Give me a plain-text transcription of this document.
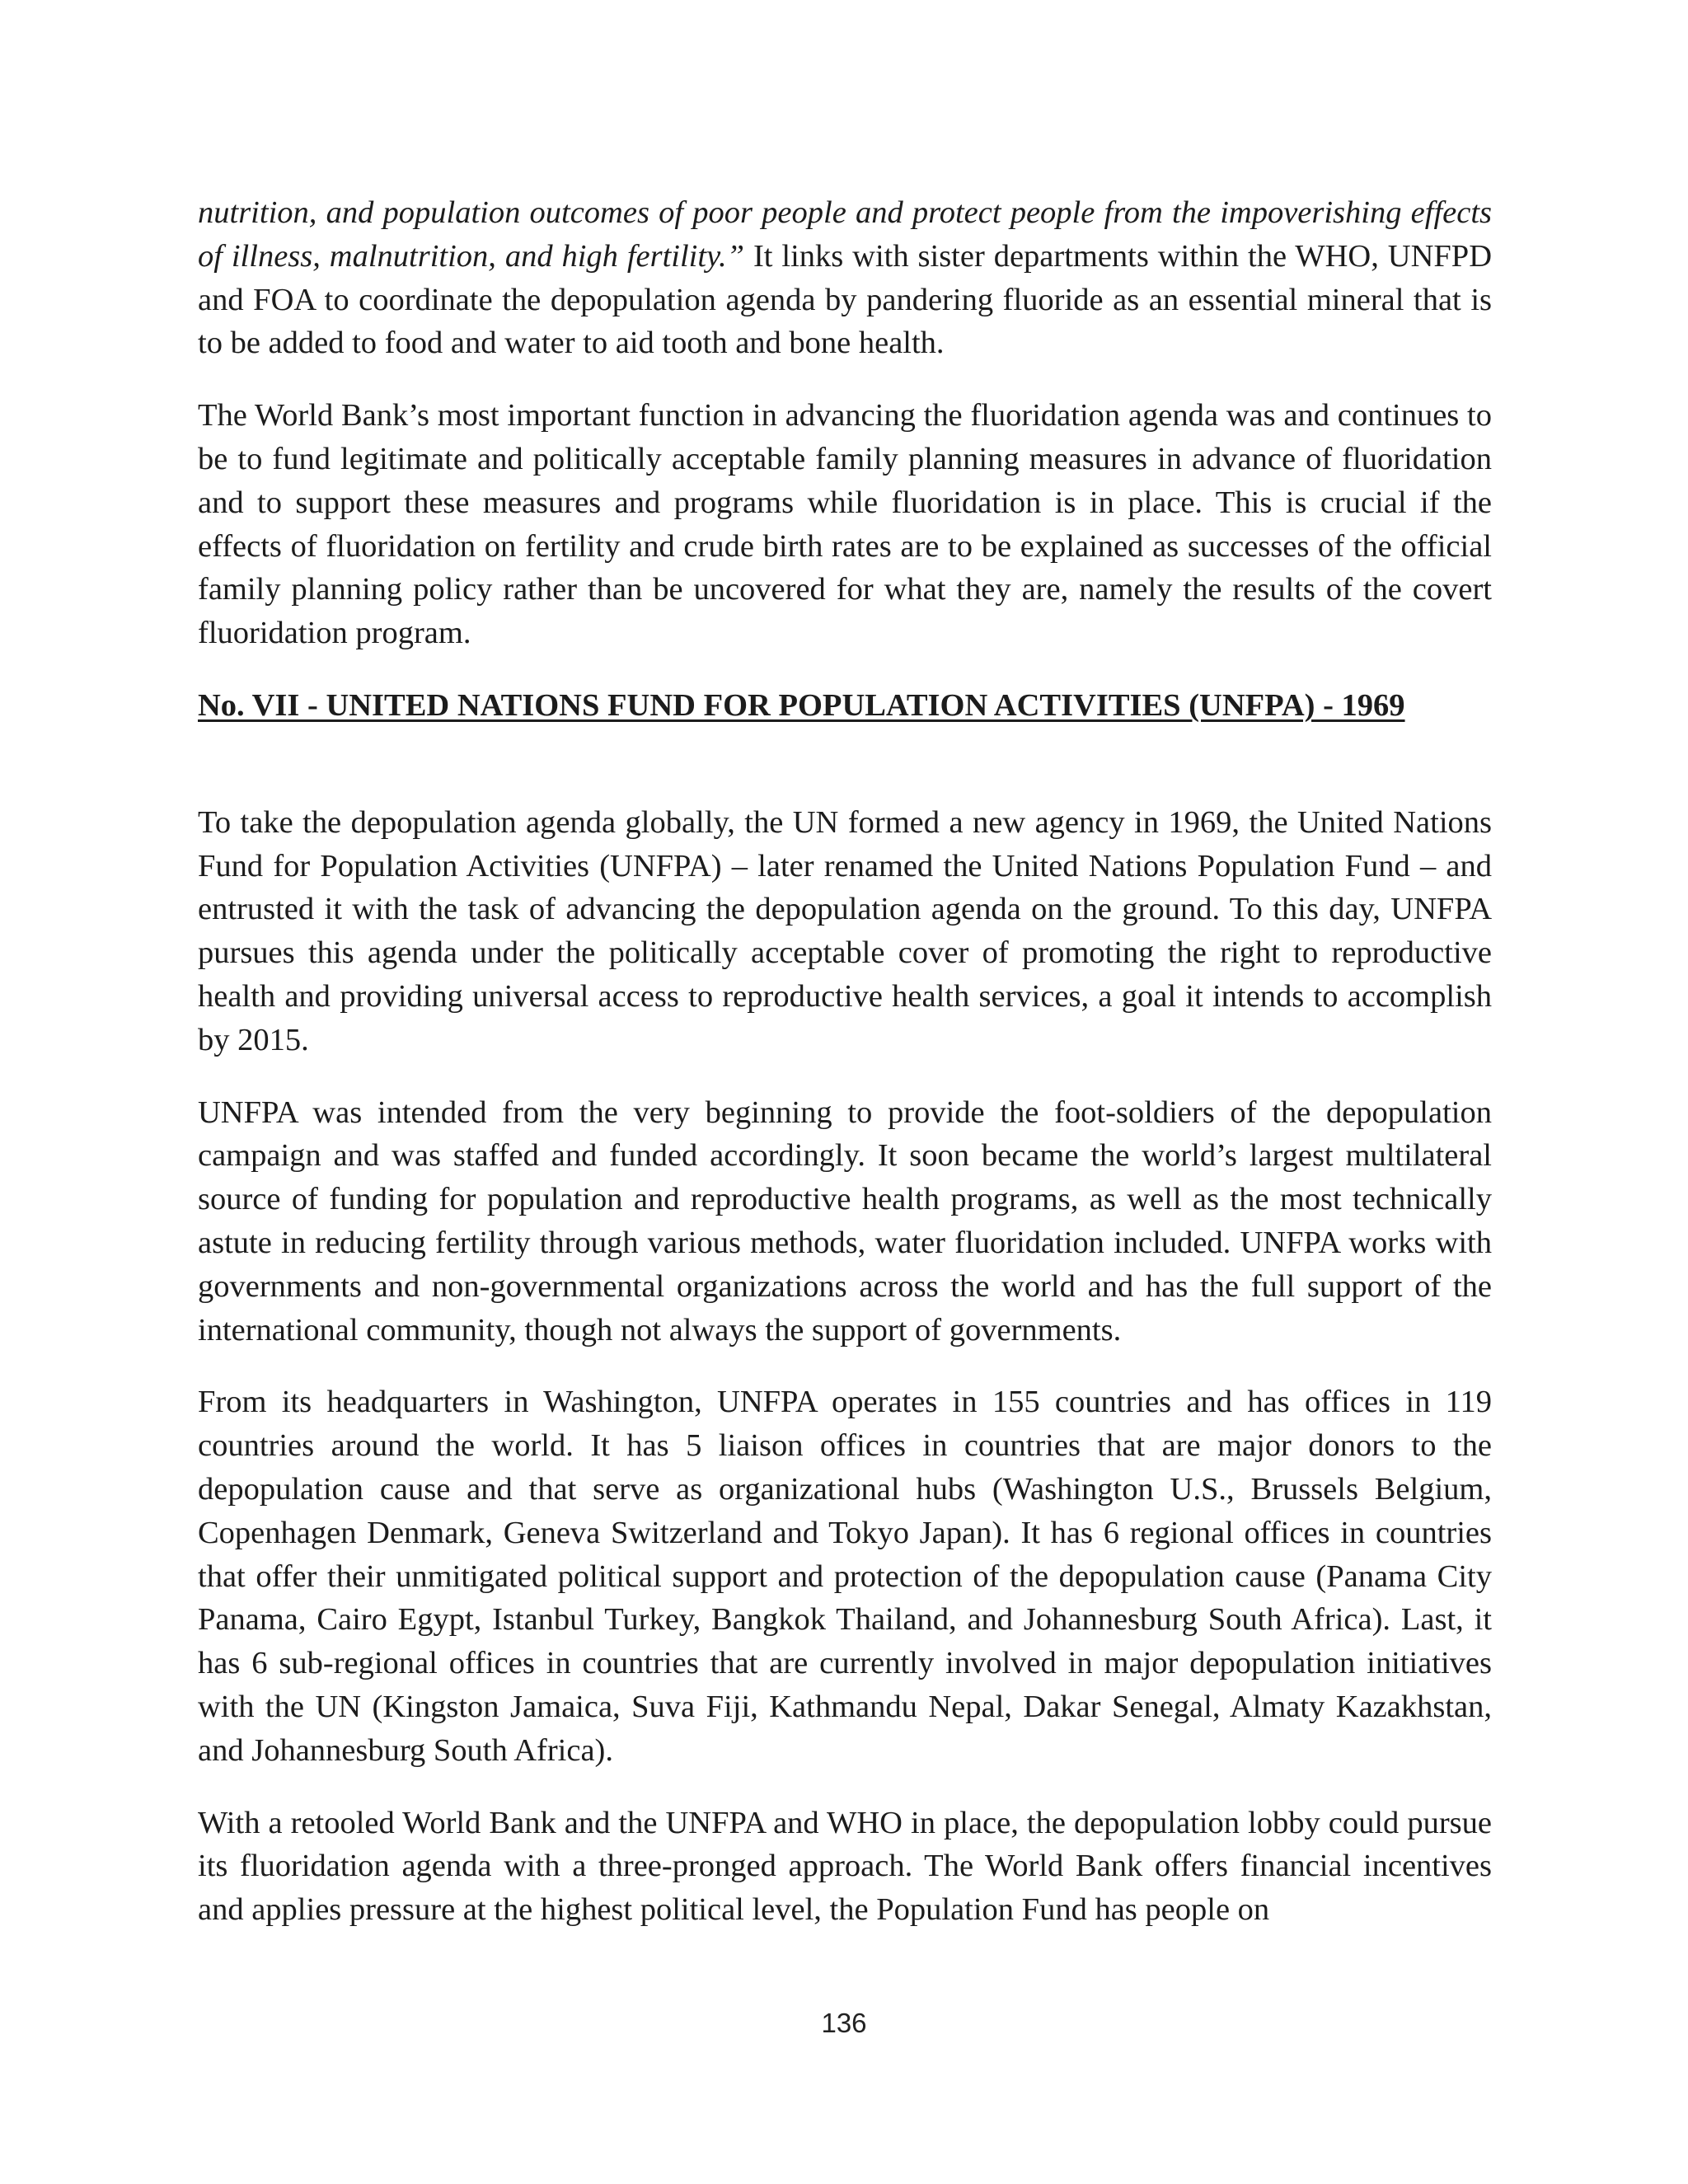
nutrition, and population outcomes of poor people and protect people from the impoverishing effects of illness, malnutrition, and high fertility.” It links with sister departments within the WHO, UNFPD and FOA to coordinate the depopulation agenda by pandering fluoride as an essential mineral that is to be added to food and water to aid tooth and bone health.

The World Bank’s most important function in advancing the fluoridation agenda was and continues to be to fund legitimate and politically acceptable family planning measures in advance of fluoridation and to support these measures and programs while fluoridation is in place. This is crucial if the effects of fluoridation on fertility and crude birth rates are to be explained as successes of the official family planning policy rather than be uncovered for what they are, namely the results of the covert fluoridation program.

No. VII - UNITED NATIONS FUND FOR POPULATION ACTIVITIES (UNFPA) - 1969

To take the depopulation agenda globally, the UN formed a new agency in 1969, the United Nations Fund for Population Activities (UNFPA) – later renamed the United Nations Population Fund – and entrusted it with the task of advancing the depopulation agenda on the ground. To this day, UNFPA pursues this agenda under the politically acceptable cover of promoting the right to reproductive health and providing universal access to reproductive health services, a goal it intends to accomplish by 2015.

UNFPA was intended from the very beginning to provide the foot-soldiers of the depopulation campaign and was staffed and funded accordingly. It soon became the world’s largest multilateral source of funding for population and reproductive health programs, as well as the most technically astute in reducing fertility through various methods, water fluoridation included. UNFPA works with governments and non-governmental organizations across the world and has the full support of the international community, though not always the support of governments.

From its headquarters in Washington, UNFPA operates in 155 countries and has offices in 119 countries around the world. It has 5 liaison offices in countries that are major donors to the depopulation cause and that serve as organizational hubs (Washington U.S., Brussels Belgium, Copenhagen Denmark, Geneva Switzerland and Tokyo Japan). It has 6 regional offices in countries that offer their unmitigated political support and protection of the depopulation cause (Panama City Panama, Cairo Egypt, Istanbul Turkey, Bangkok Thailand, and Johannesburg South Africa). Last, it has 6 sub-regional offices in countries that are currently involved in major depopulation initiatives with the UN (Kingston Jamaica, Suva Fiji, Kathmandu Nepal, Dakar Senegal, Almaty Kazakhstan, and Johannesburg South Africa).

With a retooled World Bank and the UNFPA and WHO in place, the depopulation lobby could pursue its fluoridation agenda with a three-pronged approach. The World Bank offers financial incentives and applies pressure at the highest political level, the Population Fund has people on

136
